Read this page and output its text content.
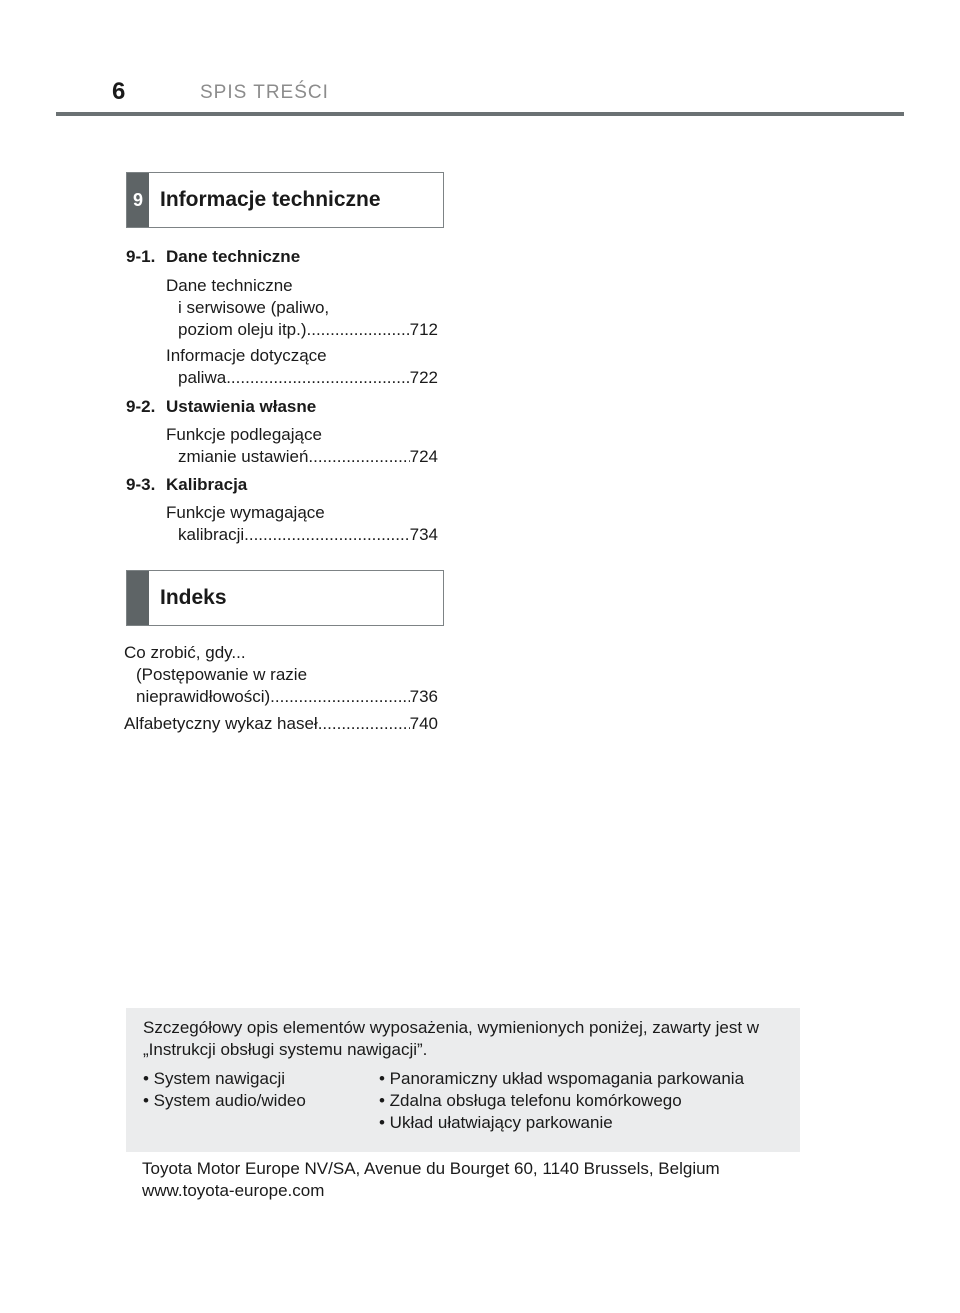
6	SPIS TREŚCI
9 Informacje techniczne
9-1. Dane techniczne
Dane techniczne
i serwisowe (paliwo,
poziom oleju itp.) .....	712
Informacje dotyczące
paliwa .....	722
9-2. Ustawienia własne
Funkcje podlegające
zmianie ustawień .....	724
9-3. Kalibracja
Funkcje wymagające
kalibracji .....	734
Indeks
Co zrobić, gdy...
(Postępowanie w razie
nieprawidłowości) .....	736
Alfabetyczny wykaz haseł .....	740
Szczegółowy opis elementów wyposażenia, wymienionych poniżej, zawarty jest w „Instrukcji obsługi systemu nawigacji”.
• System nawigacji
• System audio/wideo
• Panoramiczny układ wspomagania parkowania
• Zdalna obsługa telefonu komórkowego
• Układ ułatwiający parkowanie
Toyota Motor Europe NV/SA, Avenue du Bourget 60, 1140 Brussels, Belgium
www.toyota-europe.com
